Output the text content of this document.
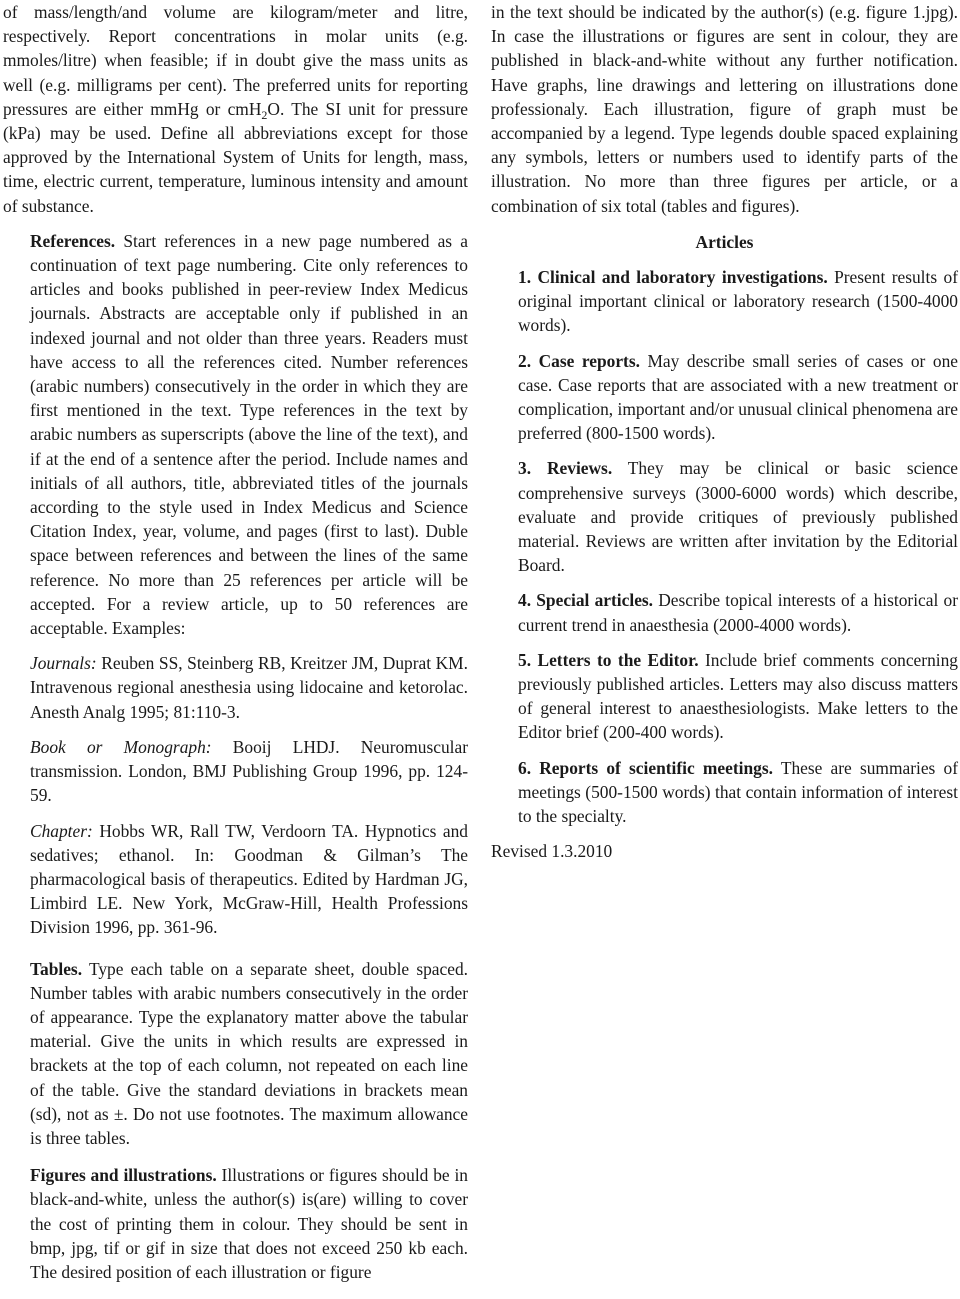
of mass/length/and volume are kilogram/meter and litre, respectively. Report concentrations in molar units (e.g. mmoles/litre) when feasible; if in doubt give the mass units as well (e.g. milligrams per cent). The preferred units for reporting pressures are either mmHg or cmH$_2$O. The SI unit for pressure (kPa) may be used. Define all abbreviations except for those approved by the International System of Units for length, mass, time, electric current, temperature, luminous intensity and amount of substance.

References. Start references in a new page numbered as a continuation of text page numbering. Cite only references to articles and books published in peer-review Index Medicus journals. Abstracts are acceptable only if published in an indexed journal and not older than three years. Readers must have access to all the references cited. Number references (arabic numbers) consecutively in the order in which they are first mentioned in the text. Type references in the text by arabic numbers as superscripts (above the line of the text), and if at the end of a sentence after the period. Include names and initials of all authors, title, abbreviated titles of the journals according to the style used in Index Medicus and Science Citation Index, year, volume, and pages (first to last). Duble space between references and between the lines of the same reference. No more than 25 references per article will be accepted. For a review article, up to 50 references are acceptable. Examples:

Journals: Reuben SS, Steinberg RB, Kreitzer JM, Duprat KM. Intravenous regional anesthesia using lidocaine and ketorolac. Anesth Analg 1995; 81:110-3.

Book or Monograph: Booij LHDJ. Neuromuscular transmission. London, BMJ Publishing Group 1996, pp. 124-59.

Chapter: Hobbs WR, Rall TW, Verdoorn TA. Hypnotics and sedatives; ethanol. In: Goodman & Gilman’s The pharmacological basis of therapeutics. Edited by Hardman JG, Limbird LE. New York, McGraw-Hill, Health Professions Division 1996, pp. 361-96.

Tables. Type each table on a separate sheet, double spaced. Number tables with arabic numbers consecutively in the order of appearance. Type the explanatory matter above the tabular material. Give the units in which results are expressed in brackets at the top of each column, not repeated on each line of the table. Give the standard deviations in brackets mean (sd), not as ±. Do not use footnotes. The maximum allowance is three tables.

Figures and illustrations. Illustrations or figures should be in black-and-white, unless the author(s) is(are) willing to cover the cost of printing them in colour. They should be sent in bmp, jpg, tif or gif in size that does not exceed 250 kb each. The desired position of each illustration or figure

in the text should be indicated by the author(s) (e.g. figure 1.jpg). In case the illustrations or figures are sent in colour, they are published in black-and-white without any further notification. Have graphs, line drawings and lettering on illustrations done professionaly. Each illustration, figure of graph must be accompanied by a legend. Type legends double spaced explaining any symbols, letters or numbers used to identify parts of the illustration. No more than three figures per article, or a combination of six total (tables and figures).

Articles

1. Clinical and laboratory investigations. Present results of original important clinical or laboratory research (1500-4000 words).

2. Case reports. May describe small series of cases or one case. Case reports that are associated with a new treatment or complication, important and/or unusual clinical phenomena are preferred (800-1500 words).

3. Reviews. They may be clinical or basic science comprehensive surveys (3000-6000 words) which describe, evaluate and provide critiques of previously published material. Reviews are written after invitation by the Editorial Board.

4. Special articles. Describe topical interests of a historical or current trend in anaesthesia (2000-4000 words).

5. Letters to the Editor. Include brief comments concerning previously published articles. Letters may also discuss matters of general interest to anaesthesiologists. Make letters to the Editor brief (200-400 words).

6. Reports of scientific meetings. These are summaries of meetings (500-1500 words) that contain information of interest to the specialty.

Revised 1.3.2010
